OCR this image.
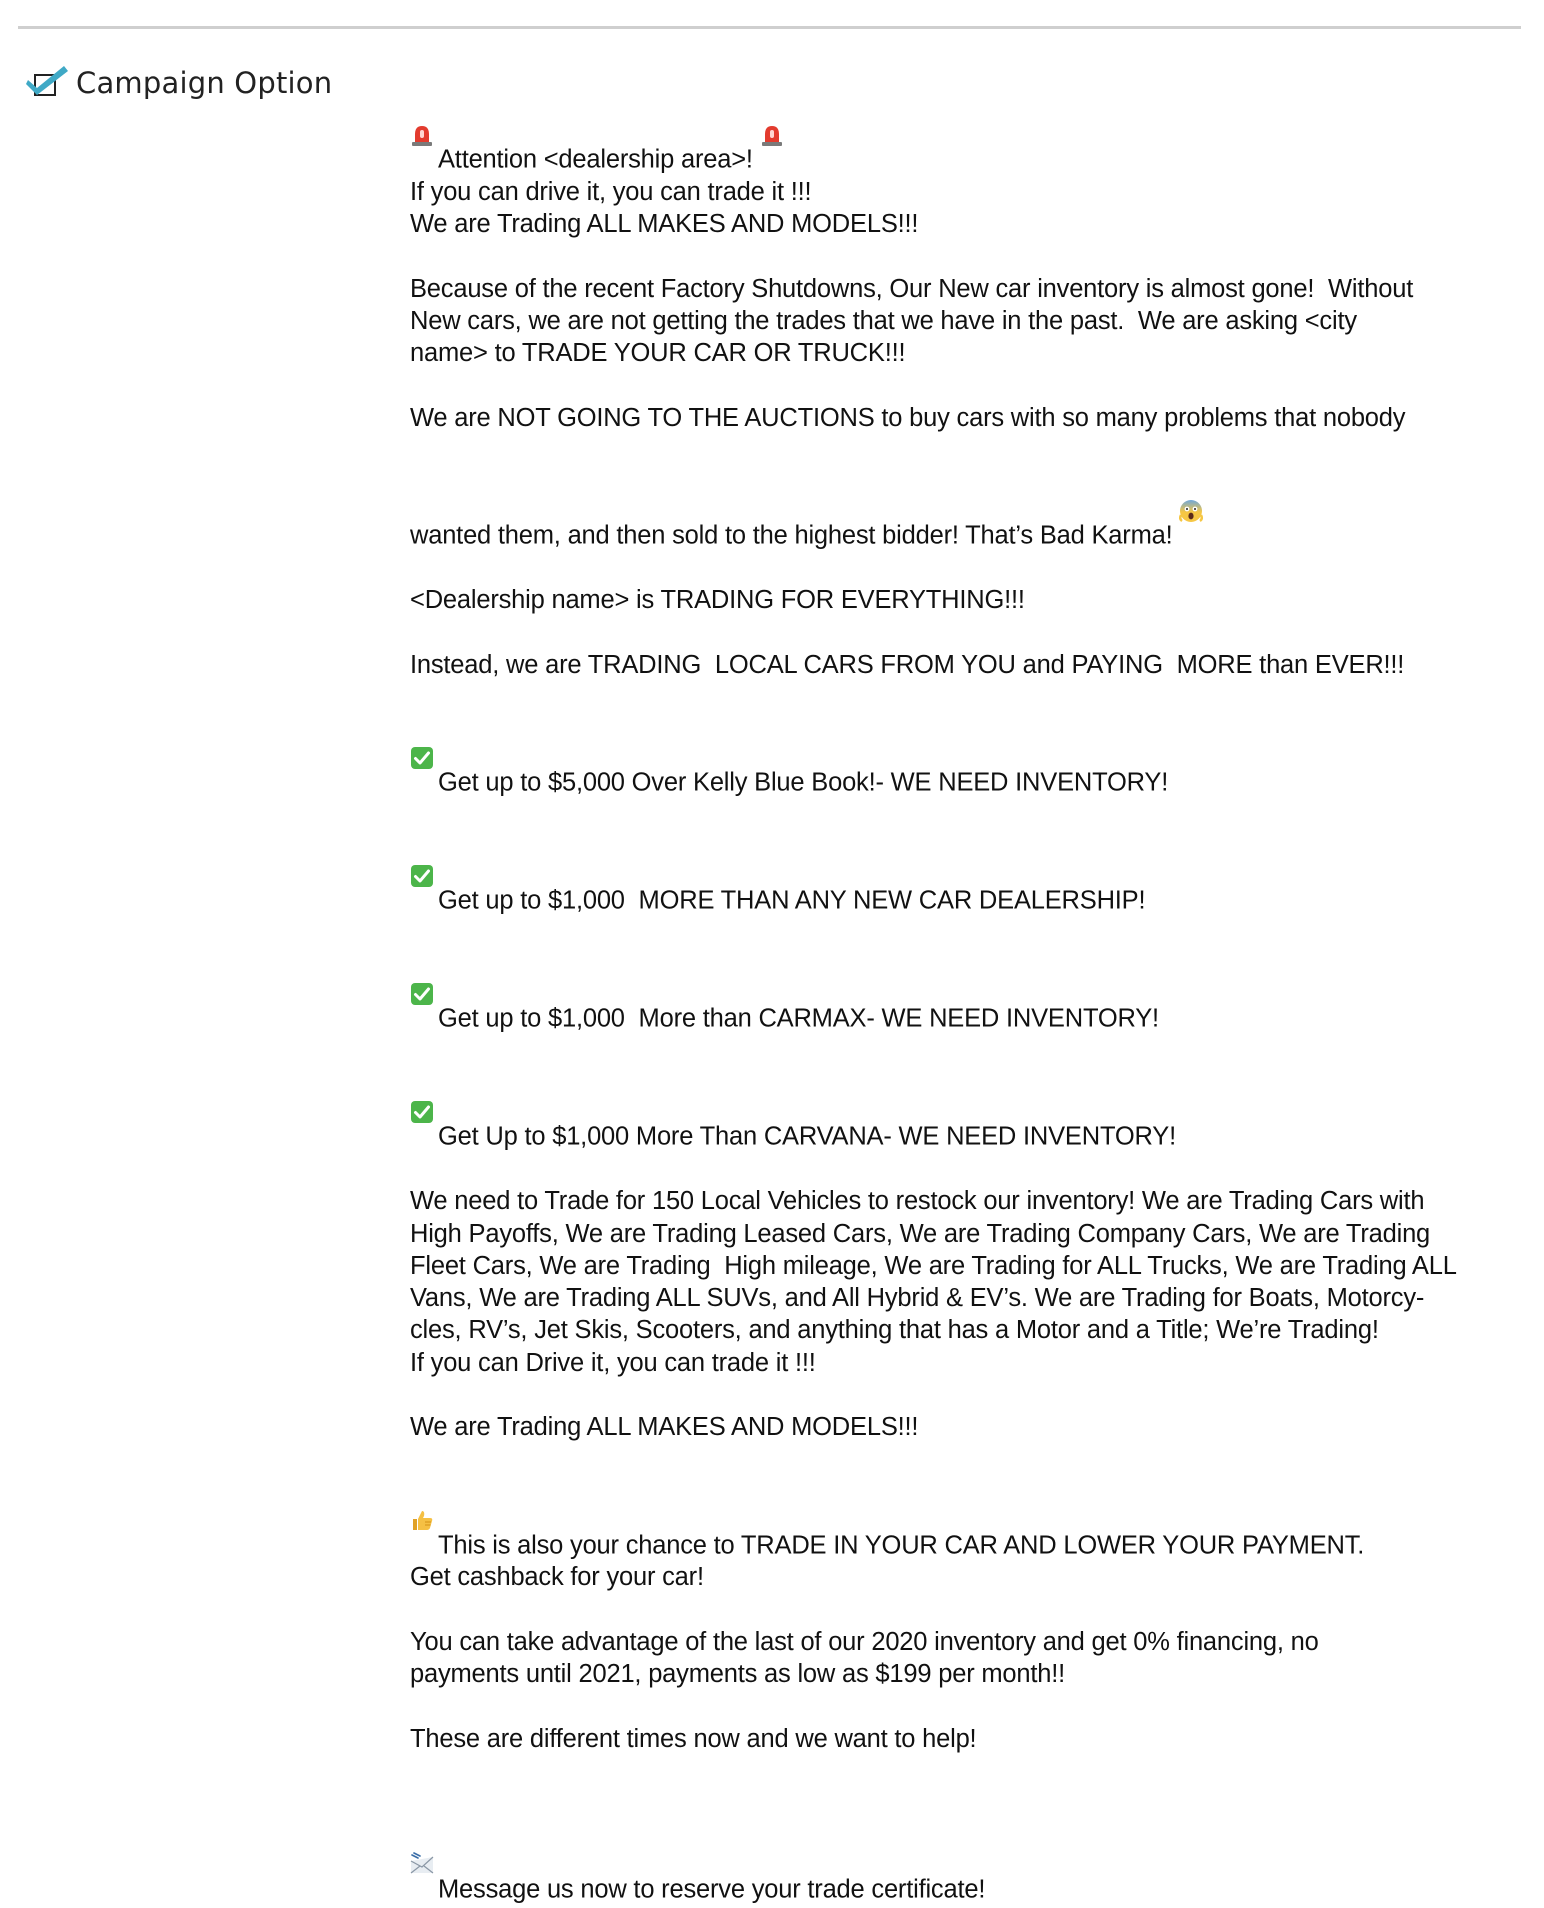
Campaign Option

Attention <dealership area>!

If you can drive it, you can trade it !!!
We are Trading ALL MAKES AND MODELS!!!
Because of the recent Factory Shutdowns, Our New car inventory is almost gone!  Without
New cars, we are not getting the trades that we have in the past.  We are asking <city
name> to TRADE YOUR CAR OR TRUCK!!!
We are NOT GOING TO THE AUCTIONS to buy cars with so many problems that nobody
wanted them, and then sold to the highest bidder! That’s Bad Karma!

<Dealership name> is TRADING FOR EVERYTHING!!!
Instead, we are TRADING  LOCAL CARS FROM YOU and PAYING  MORE than EVER!!!

Get up to $5,000 Over Kelly Blue Book!- WE NEED INVENTORY!

Get up to $1,000  MORE THAN ANY NEW CAR DEALERSHIP!

Get up to $1,000  More than CARMAX- WE NEED INVENTORY!

Get Up to $1,000 More Than CARVANA- WE NEED INVENTORY!
We need to Trade for 150 Local Vehicles to restock our inventory! We are Trading Cars with
High Payoffs, We are Trading Leased Cars, We are Trading Company Cars, We are Trading
Fleet Cars, We are Trading  High mileage, We are Trading for ALL Trucks, We are Trading ALL
Vans, We are Trading ALL SUVs, and All Hybrid & EV’s. We are Trading for Boats, Motorcy-
cles, RV’s, Jet Skis, Scooters, and anything that has a Motor and a Title; We’re Trading!
If you can Drive it, you can trade it !!!
We are Trading ALL MAKES AND MODELS!!!

This is also your chance to TRADE IN YOUR CAR AND LOWER YOUR PAYMENT.
Get cashback for your car!
You can take advantage of the last of our 2020 inventory and get 0% financing, no
payments until 2021, payments as low as $199 per month!!
These are different times now and we want to help!

Message us now to reserve your trade certificate!
